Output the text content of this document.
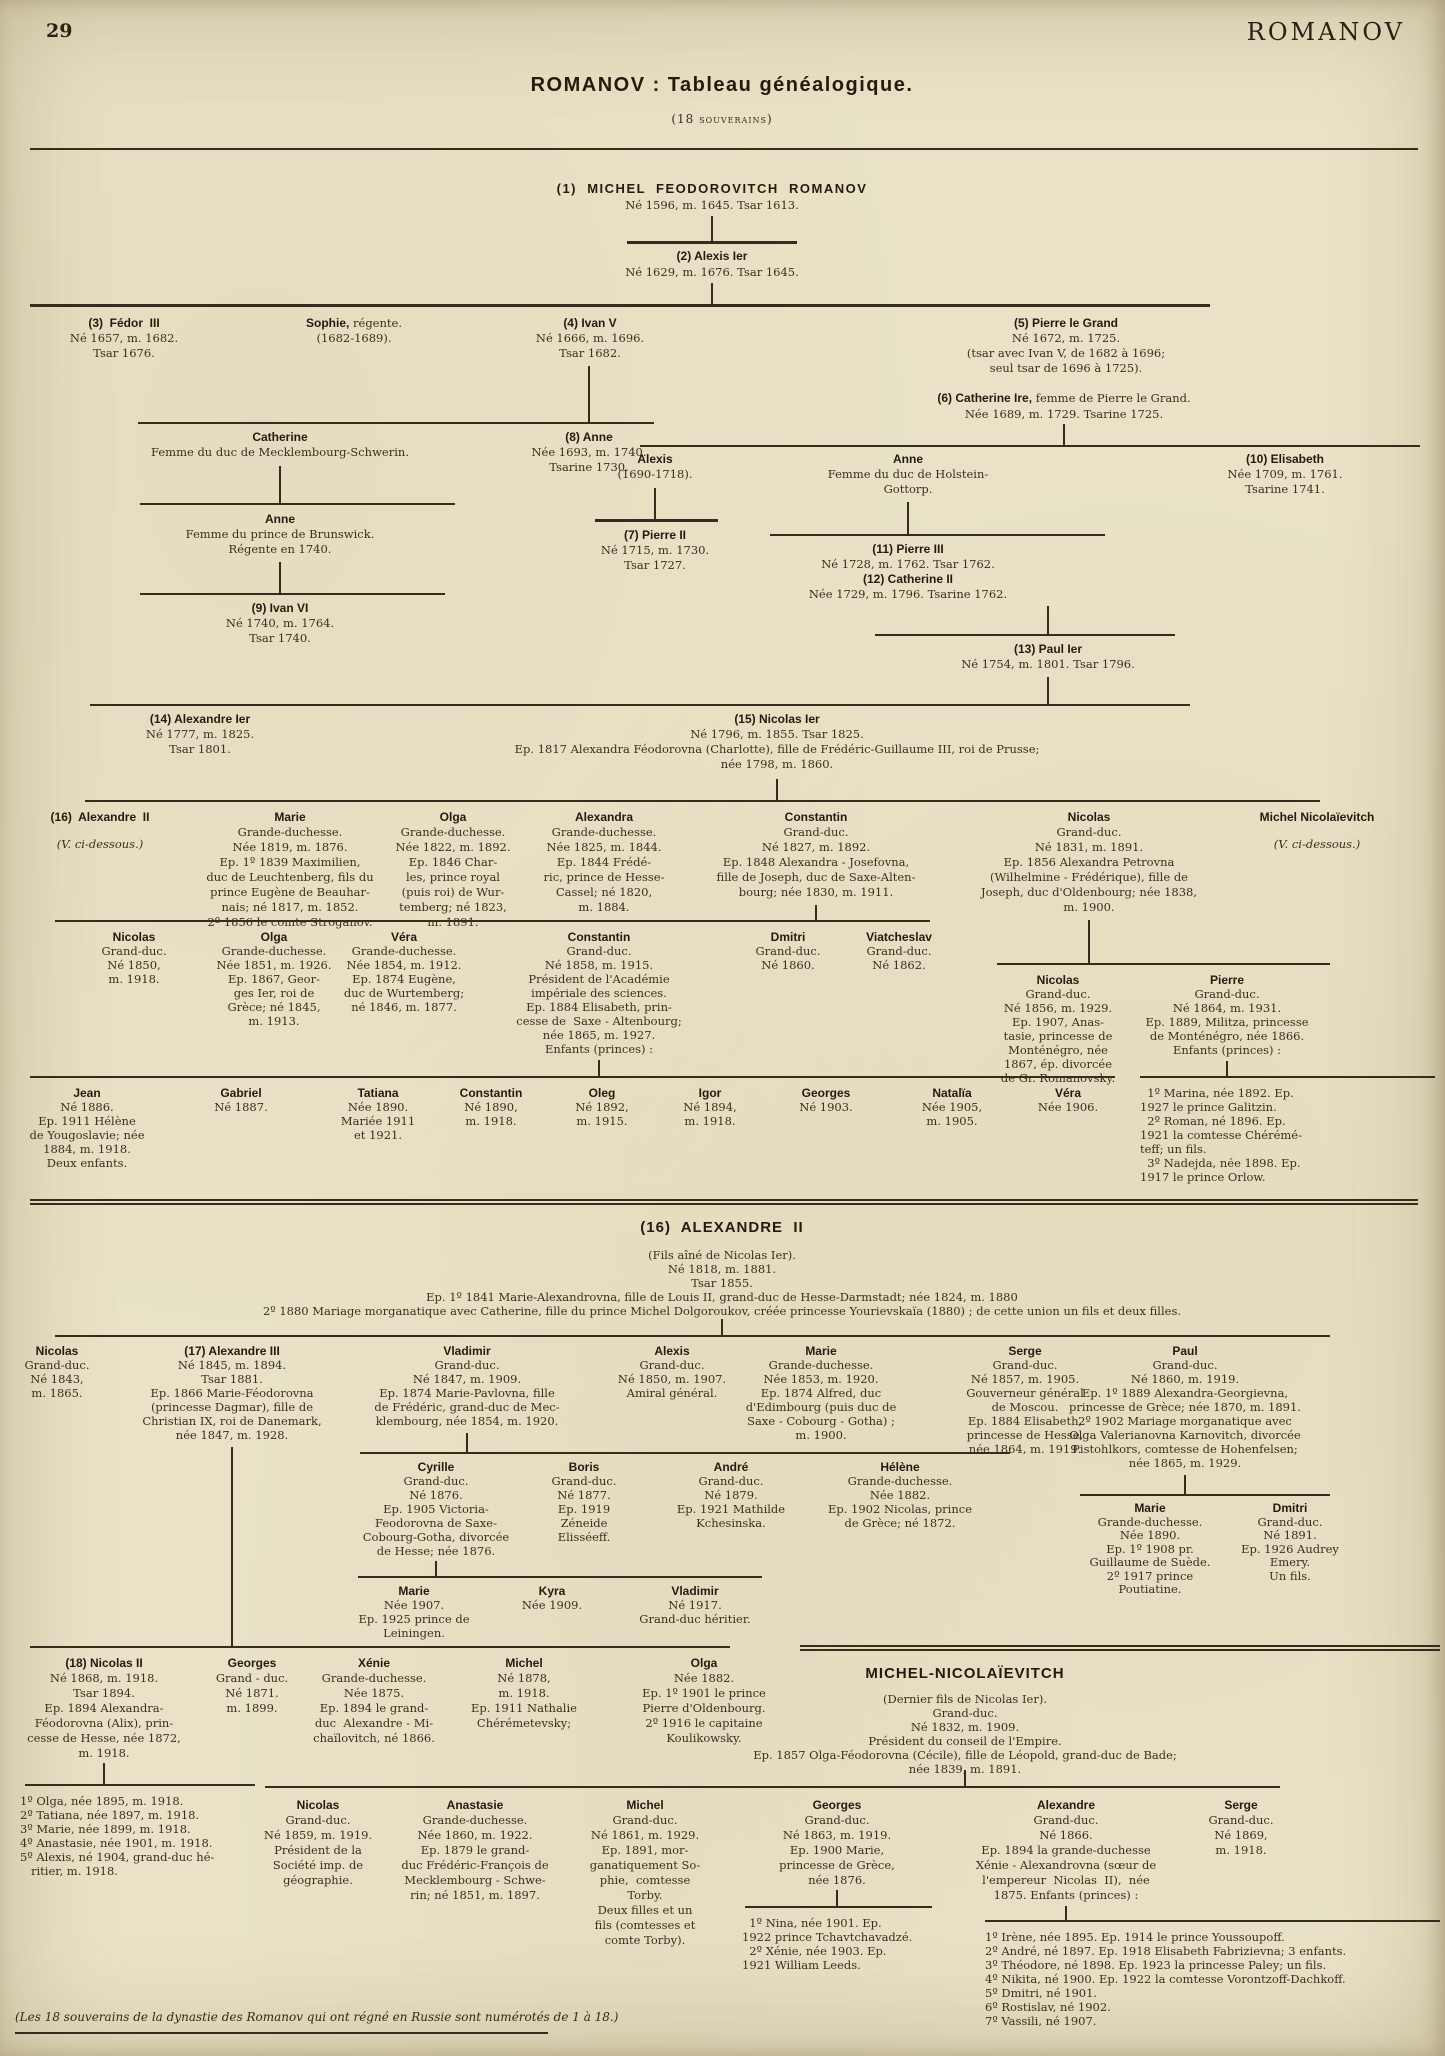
29	ROMANOV
ROMANOV : Tableau généalogique.
(18 souverains)
(1)  MICHEL  FEODOROVITCH  ROMANOV
Né 1596, m. 1645. Tsar 1613.
(2) Alexis Ier
Né 1629, m. 1676. Tsar 1645.
(3)  Fédor  III
Né 1657, m. 1682.
Tsar 1676.
Sophie, régente.
(1682-1689).
(4) Ivan V
Né 1666, m. 1696.
Tsar 1682.
(5) Pierre le Grand
Né 1672, m. 1725.
(tsar avec Ivan V, de 1682 à 1696;
seul tsar de 1696 à 1725).
(6) Catherine Ire, femme de Pierre le Grand.
Née 1689, m. 1729. Tsarine 1725.
Catherine
Femme du duc de Mecklembourg-Schwerin.
(8) Anne
Née 1693, m. 1740.
Tsarine 1730.
Anne
Femme du prince de Brunswick.
Régente en 1740.
(9) Ivan VI
Né 1740, m. 1764.
Tsar 1740.
Alexis
(1690-1718).
Anne
Femme du duc de Holstein-
Gottorp.
(10) Elisabeth
Née 1709, m. 1761.
Tsarine 1741.
(7) Pierre II
Né 1715, m. 1730.
Tsar 1727.
(11) Pierre III
Né 1728, m. 1762. Tsar 1762.
(12) Catherine II
Née 1729, m. 1796. Tsarine 1762.
(13) Paul Ier
Né 1754, m. 1801. Tsar 1796.
(14) Alexandre Ier
Né 1777, m. 1825.
Tsar 1801.
(15) Nicolas Ier
Né 1796, m. 1855. Tsar 1825.
Ep. 1817 Alexandra Féodorovna (Charlotte), fille de Frédéric-Guillaume III, roi de Prusse;
née 1798, m. 1860.
(16)  Alexandre  II
(V. ci-dessous.)
Marie
Grande-duchesse.
Née 1819, m. 1876.
Ep. 1º 1839 Maximilien,
duc de Leuchtenberg, fils du
prince Eugène de Beauhar-
nais; né 1817, m. 1852.
2º 1856 le comte Stroganov.
Olga
Grande-duchesse.
Née 1822, m. 1892.
Ep. 1846 Char-
les, prince royal
(puis roi) de Wur-
temberg; né 1823,
m. 1891.
Alexandra
Grande-duchesse.
Née 1825, m. 1844.
Ep. 1844 Frédé-
ric, prince de Hesse-
Cassel; né 1820,
m. 1884.
Constantin
Grand-duc.
Né 1827, m. 1892.
Ep. 1848 Alexandra - Josefovna,
fille de Joseph, duc de Saxe-Alten-
bourg; née 1830, m. 1911.
Nicolas
Grand-duc.
Né 1831, m. 1891.
Ep. 1856 Alexandra Petrovna
(Wilhelmine - Frédérique), fille de
Joseph, duc d'Oldenbourg; née 1838,
m. 1900.
Michel Nicolaïevitch
(V. ci-dessous.)
Nicolas
Grand-duc.
Né 1850,
m. 1918.
Olga
Grande-duchesse.
Née 1851, m. 1926.
Ep. 1867, Geor-
ges Ier, roi de
Grèce; né 1845,
m. 1913.
Véra
Grande-duchesse.
Née 1854, m. 1912.
Ep. 1874 Eugène,
duc de Wurtemberg;
né 1846, m. 1877.
Constantin
Grand-duc.
Né 1858, m. 1915.
Président de l'Académie
impériale des sciences.
Ep. 1884 Elisabeth, prin-
cesse de  Saxe - Altenbourg;
née 1865, m. 1927.
Enfants (princes) :
Dmitri
Grand-duc.
Né 1860.
Viatcheslav
Grand-duc.
Né 1862.
Nicolas
Grand-duc.
Né 1856, m. 1929.
Ep. 1907, Anas-
tasie, princesse de
Monténégro, née
1867, ép. divorcée
de Gr. Romanovsky.
Pierre
Grand-duc.
Né 1864, m. 1931.
Ep. 1889, Militza, princesse
de Monténégro, née 1866.
Enfants (princes) :
Jean
Né 1886.
Ep. 1911 Hélène
de Yougoslavie; née
1884, m. 1918.
Deux enfants.
Gabriel
Né 1887.
Tatiana
Née 1890.
Mariée 1911
et 1921.
Constantin
Né 1890,
m. 1918.
Oleg
Né 1892,
m. 1915.
Igor
Né 1894,
m. 1918.
Georges
Né 1903.
Natalïa
Née 1905,
m. 1905.
Véra
Née 1906.
1º Marina, née 1892. Ep.
1927 le prince Galitzin.
2º Roman, né 1896. Ep.
1921 la comtesse Chérémé-
teff; un fils.
3º Nadejda, née 1898. Ep.
1917 le prince Orlow.
(16)  ALEXANDRE  II
(Fils aîné de Nicolas Ier).
Né 1818, m. 1881.
Tsar 1855.
Ep. 1º 1841 Marie-Alexandrovna, fille de Louis II, grand-duc de Hesse-Darmstadt; née 1824, m. 1880
2º 1880 Mariage morganatique avec Catherine, fille du prince Michel Dolgoroukov, créée princesse Yourievskaïa (1880) ; de cette union un fils et deux filles.
Nicolas
Grand-duc.
Né 1843,
m. 1865.
(17) Alexandre III
Né 1845, m. 1894.
Tsar 1881.
Ep. 1866 Marie-Féodorovna
(princesse Dagmar), fille de
Christian IX, roi de Danemark,
née 1847, m. 1928.
Vladimir
Grand-duc.
Né 1847, m. 1909.
Ep. 1874 Marie-Pavlovna, fille
de Frédéric, grand-duc de Mec-
klembourg, née 1854, m. 1920.
Alexis
Grand-duc.
Né 1850, m. 1907.
Amiral général.
Marie
Grande-duchesse.
Née 1853, m. 1920.
Ep. 1874 Alfred, duc
d'Edimbourg (puis duc de
Saxe - Cobourg - Gotha) ;
m. 1900.
Serge
Grand-duc.
Né 1857, m. 1905.
Gouverneur général
de Moscou.
Ep. 1884 Elisabeth,
princesse de Hesse,
née 1864, m. 1919.
Paul
Grand-duc.
Né 1860, m. 1919.
Ep. 1º 1889 Alexandra-Georgievna,
princesse de Grèce; née 1870, m. 1891.
2º 1902 Mariage morganatique avec
Olga Valerianovna Karnovitch, divorcée
Pistohlkors, comtesse de Hohenfelsen;
née 1865, m. 1929.
Cyrille
Grand-duc.
Né 1876.
Ep. 1905 Victoria-
Feodorovna de Saxe-
Cobourg-Gotha, divorcée
de Hesse; née 1876.
Boris
Grand-duc.
Né 1877.
Ep. 1919
Zéneide
Elisséeff.
André
Grand-duc.
Né 1879.
Ep. 1921 Mathilde
Kchesinska.
Hélène
Grande-duchesse.
Née 1882.
Ep. 1902 Nicolas, prince
de Grèce; né 1872.
Marie
Née 1907.
Ep. 1925 prince de
Leiningen.
Kyra
Née 1909.
Vladimir
Né 1917.
Grand-duc héritier.
Marie
Grande-duchesse.
Née 1890.
Ep. 1º 1908 pr.
Guillaume de Suède.
2º 1917 prince
Poutiatine.
Dmitri
Grand-duc.
Né 1891.
Ep. 1926 Audrey
Emery.
Un fils.
(18) Nicolas II
Né 1868, m. 1918.
Tsar 1894.
Ep. 1894 Alexandra-
Féodorovna (Alix), prin-
cesse de Hesse, née 1872,
m. 1918.
Georges
Grand - duc.
Né 1871.
m. 1899.
Xénie
Grande-duchesse.
Née 1875.
Ep. 1894 le grand-
duc  Alexandre - Mi-
chaïlovitch, né 1866.
Michel
Né 1878,
m. 1918.
Ep. 1911 Nathalie
Chérémetevsky;
Olga
Née 1882.
Ep. 1º 1901 le prince
Pierre d'Oldenbourg.
2º 1916 le capitaine
Koulikowsky.
MICHEL-NICOLAÏEVITCH
(Dernier fils de Nicolas Ier).
Grand-duc.
Né 1832, m. 1909.
Président du conseil de l'Empire.
Ep. 1857 Olga-Féodorovna (Cécile), fille de Léopold, grand-duc de Bade;
née 1839, m. 1891.
1º Olga, née 1895, m. 1918.
2º Tatiana, née 1897, m. 1918.
3º Marie, née 1899, m. 1918.
4º Anastasie, née 1901, m. 1918.
5º Alexis, né 1904, grand-duc hé-
ritier, m. 1918.
Nicolas
Grand-duc.
Né 1859, m. 1919.
Président de la
Société imp. de
géographie.
Anastasie
Grande-duchesse.
Née 1860, m. 1922.
Ep. 1879 le grand-
duc Frédéric-François de
Mecklembourg - Schwe-
rin; né 1851, m. 1897.
Michel
Grand-duc.
Né 1861, m. 1929.
Ep. 1891, mor-
ganatiquement So-
phie,  comtesse
Torby.
Deux filles et un
fils (comtesses et
comte Torby).
Georges
Grand-duc.
Né 1863, m. 1919.
Ep. 1900 Marie,
princesse de Grèce,
née 1876.
Alexandre
Grand-duc.
Né 1866.
Ep. 1894 la grande-duchesse
Xénie - Alexandrovna (sœur de
l'empereur  Nicolas  II),  née
1875. Enfants (princes) :
Serge
Grand-duc.
Né 1869,
m. 1918.
1º Nina, née 1901. Ep.
1922 prince Tchavtchavadzé.
2º Xénie, née 1903. Ep.
1921 William Leeds.
1º Irène, née 1895. Ep. 1914 le prince Youssoupoff.
2º André, né 1897. Ep. 1918 Elisabeth Fabrizievna; 3 enfants.
3º Théodore, né 1898. Ep. 1923 la princesse Paley; un fils.
4º Nikita, né 1900. Ep. 1922 la comtesse Vorontzoff-Dachkoff.
5º Dmitri, né 1901.
6º Rostislav, né 1902.
7º Vassili, né 1907.
(Les 18 souverains de la dynastie des Romanov qui ont régné en Russie sont numérotés de 1 à 18.)
